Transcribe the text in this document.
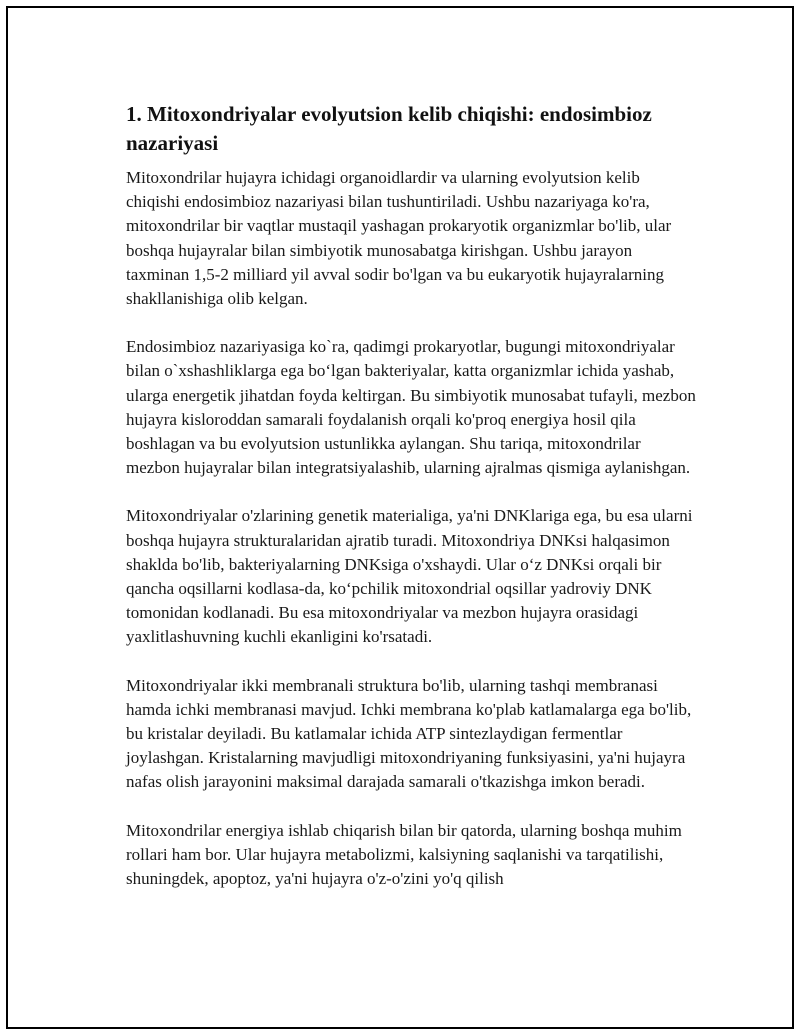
1. Mitoxondriyalar evolyutsion kelib chiqishi: endosimbioz nazariyasi

Mitoxondrilar hujayra ichidagi organoidlardir va ularning evolyutsion kelib chiqishi endosimbioz nazariyasi bilan tushuntiriladi. Ushbu nazariyaga ko'ra, mitoxondrilar bir vaqtlar mustaqil yashagan prokaryotik organizmlar bo'lib, ular boshqa hujayralar bilan simbiyotik munosabatga kirishgan. Ushbu jarayon taxminan 1,5-2 milliard yil avval sodir bo'lgan va bu eukaryotik hujayralarning shakllanishiga olib kelgan.

Endosimbioz nazariyasiga ko`ra, qadimgi prokaryotlar, bugungi mitoxondriyalar bilan o`xshashliklarga ega bo‘lgan bakteriyalar, katta organizmlar ichida yashab, ularga energetik jihatdan foyda keltirgan. Bu simbiyotik munosabat tufayli, mezbon hujayra kisloroddan samarali foydalanish orqali ko'proq energiya hosil qila boshlagan va bu evolyutsion ustunlikka aylangan. Shu tariqa, mitoxondrilar mezbon hujayralar bilan integratsiyalashib, ularning ajralmas qismiga aylanishgan.

Mitoxondriyalar o'zlarining genetik materialiga, ya'ni DNKlariga ega, bu esa ularni boshqa hujayra strukturalaridan ajratib turadi. Mitoxondriya DNKsi halqasimon shaklda bo'lib, bakteriyalarning DNKsiga o'xshaydi. Ular o‘z DNKsi orqali bir qancha oqsillarni kodlasa-da, ko‘pchilik mitoxondrial oqsillar yadroviy DNK tomonidan kodlanadi. Bu esa mitoxondriyalar va mezbon hujayra orasidagi yaxlitlashuvning kuchli ekanligini ko'rsatadi.

Mitoxondriyalar ikki membranali struktura bo'lib, ularning tashqi membranasi hamda ichki membranasi mavjud. Ichki membrana ko'plab katlamalarga ega bo'lib, bu kristalar deyiladi. Bu katlamalar ichida ATP sintezlaydigan fermentlar joylashgan. Kristalarning mavjudligi mitoxondriyaning funksiyasini, ya'ni hujayra nafas olish jarayonini maksimal darajada samarali o'tkazishga imkon beradi.

Mitoxondrilar energiya ishlab chiqarish bilan bir qatorda, ularning boshqa muhim rollari ham bor. Ular hujayra metabolizmi, kalsiyning saqlanishi va tarqatilishi, shuningdek, apoptoz, ya'ni hujayra o'z-o'zini yo'q qilish
